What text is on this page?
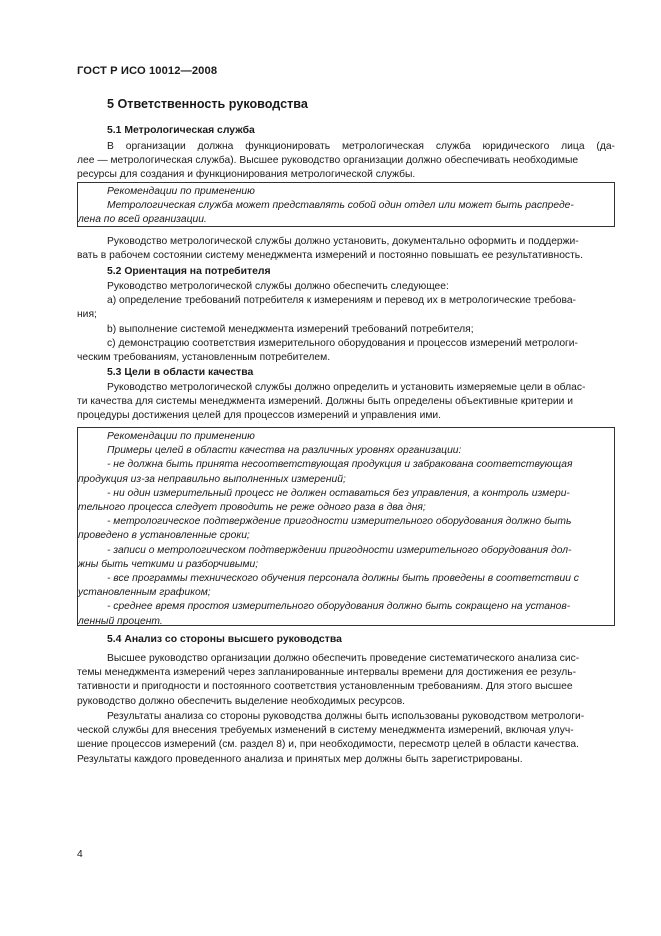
ГОСТ Р ИСО 10012—2008
5 Ответственность руководства
5.1 Метрологическая служба
В организации должна функционировать метрологическая служба юридического лица (да-
лее — метрологическая служба). Высшее руководство организации должно обеспечивать необходимые
ресурсы для создания и функционирования метрологической службы.
Рекомендации по применению
Метрологическая служба может представлять собой один отдел или может быть распреде-
лена по всей организации.
Руководство метрологической службы должно установить, документально оформить и поддержи-
вать в рабочем состоянии систему менеджмента измерений и постоянно повышать ее результативность.
5.2 Ориентация на потребителя
Руководство метрологической службы должно обеспечить следующее:
а) определение требований потребителя к измерениям и перевод их в метрологические требова-
ния;
b) выполнение системой менеджмента измерений требований потребителя;
с) демонстрацию соответствия измерительного оборудования и процессов измерений метрологи-
ческим требованиям, установленным потребителем.
5.3 Цели в области качества
Руководство метрологической службы должно определить и установить измеряемые цели в облас-
ти качества для системы менеджмента измерений. Должны быть определены объективные критерии и
процедуры достижения целей для процессов измерений и управления ими.
Рекомендации по применению
Примеры целей в области качества на различных уровнях организации:
- не должна быть принята несоответствующая продукция и забракована соответствующая
продукция из-за неправильно выполненных измерений;
- ни один измерительный процесс не должен оставаться без управления, а контроль измери-
тельного процесса следует проводить не реже одного раза в два дня;
- метрологическое подтверждение пригодности измерительного оборудования должно быть
проведено в установленные сроки;
- записи о метрологическом подтверждении пригодности измерительного оборудования дол-
жны быть четкими и разборчивыми;
- все программы технического обучения персонала должны быть проведены в соответствии с
установленным графиком;
- среднее время простоя измерительного оборудования должно быть сокращено на установ-
ленный процент.
5.4 Анализ со стороны высшего руководства
Высшее руководство организации должно обеспечить проведение систематического анализа сис-
темы менеджмента измерений через запланированные интервалы времени для достижения ее резуль-
тативности и пригодности и постоянного соответствия установленным требованиям. Для этого высшее
руководство должно обеспечить выделение необходимых ресурсов.
Результаты анализа со стороны руководства должны быть использованы руководством метрологи-
ческой службы для внесения требуемых изменений в систему менеджмента измерений, включая улуч-
шение процессов измерений (см. раздел 8) и, при необходимости, пересмотр целей в области качества.
Результаты каждого проведенного анализа и принятых мер должны быть зарегистрированы.
4
